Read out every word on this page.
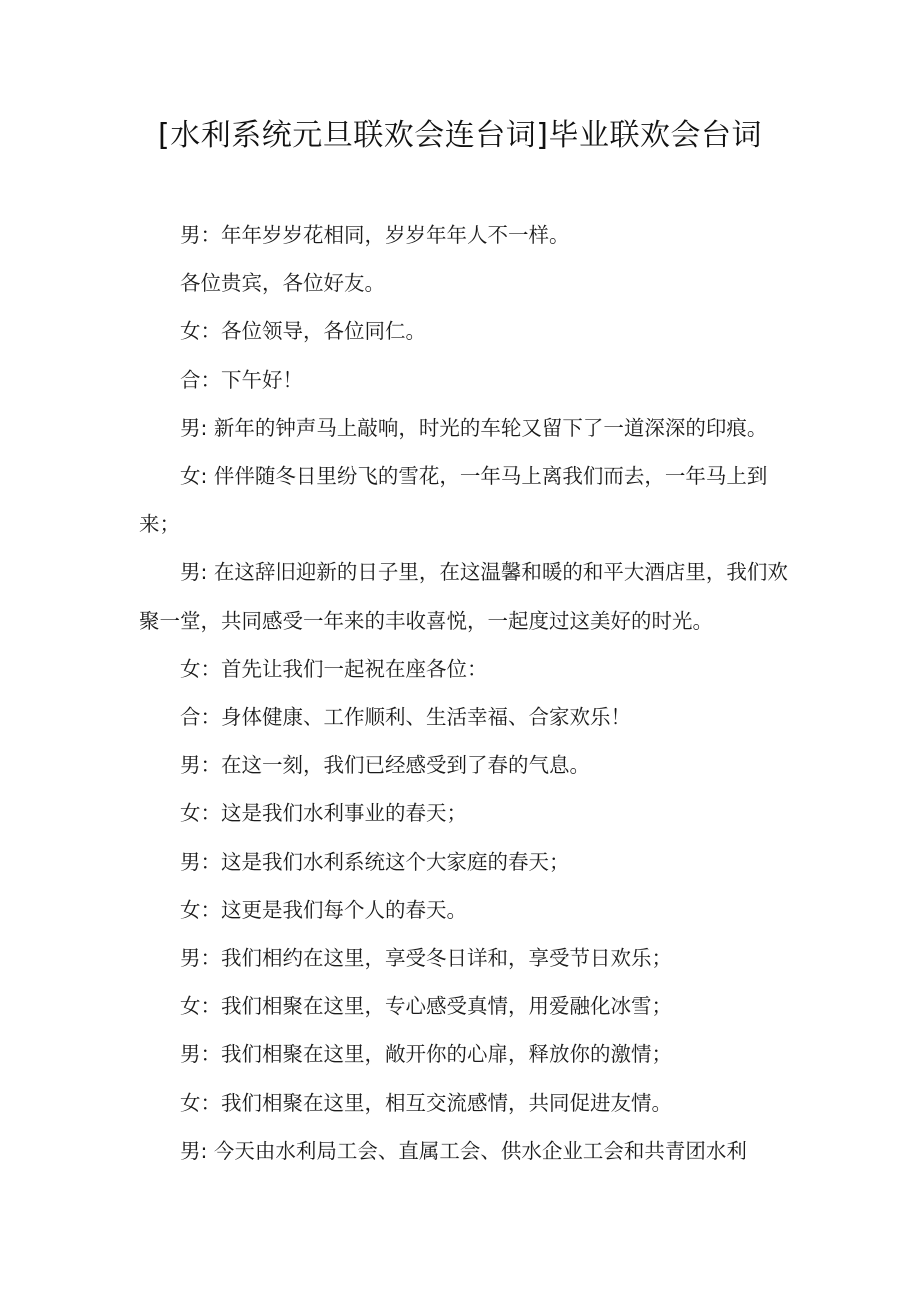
[水利系统元旦联欢会连台词]毕业联欢会台词

男：年年岁岁花相同，岁岁年年人不一样。

各位贵宾，各位好友。

女：各位领导，各位同仁。

合：下午好！

男: 新年的钟声马上敲响，时光的车轮又留下了一道深深的印痕。

女: 伴伴随冬日里纷飞的雪花，一年马上离我们而去，一年马上到来；

男: 在这辞旧迎新的日子里，在这温馨和暖的和平大酒店里，我们欢聚一堂，共同感受一年来的丰收喜悦，一起度过这美好的时光。

女：首先让我们一起祝在座各位：

合：身体健康、工作顺利、生活幸福、合家欢乐！

男：在这一刻，我们已经感受到了春的气息。

女：这是我们水利事业的春天；

男：这是我们水利系统这个大家庭的春天；

女：这更是我们每个人的春天。

男：我们相约在这里，享受冬日详和，享受节日欢乐；

女：我们相聚在这里，专心感受真情，用爱融化冰雪；

男：我们相聚在这里，敞开你的心扉，释放你的激情；

女：我们相聚在这里，相互交流感情，共同促进友情。

男: 今天由水利局工会、直属工会、供水企业工会和共青团水利
